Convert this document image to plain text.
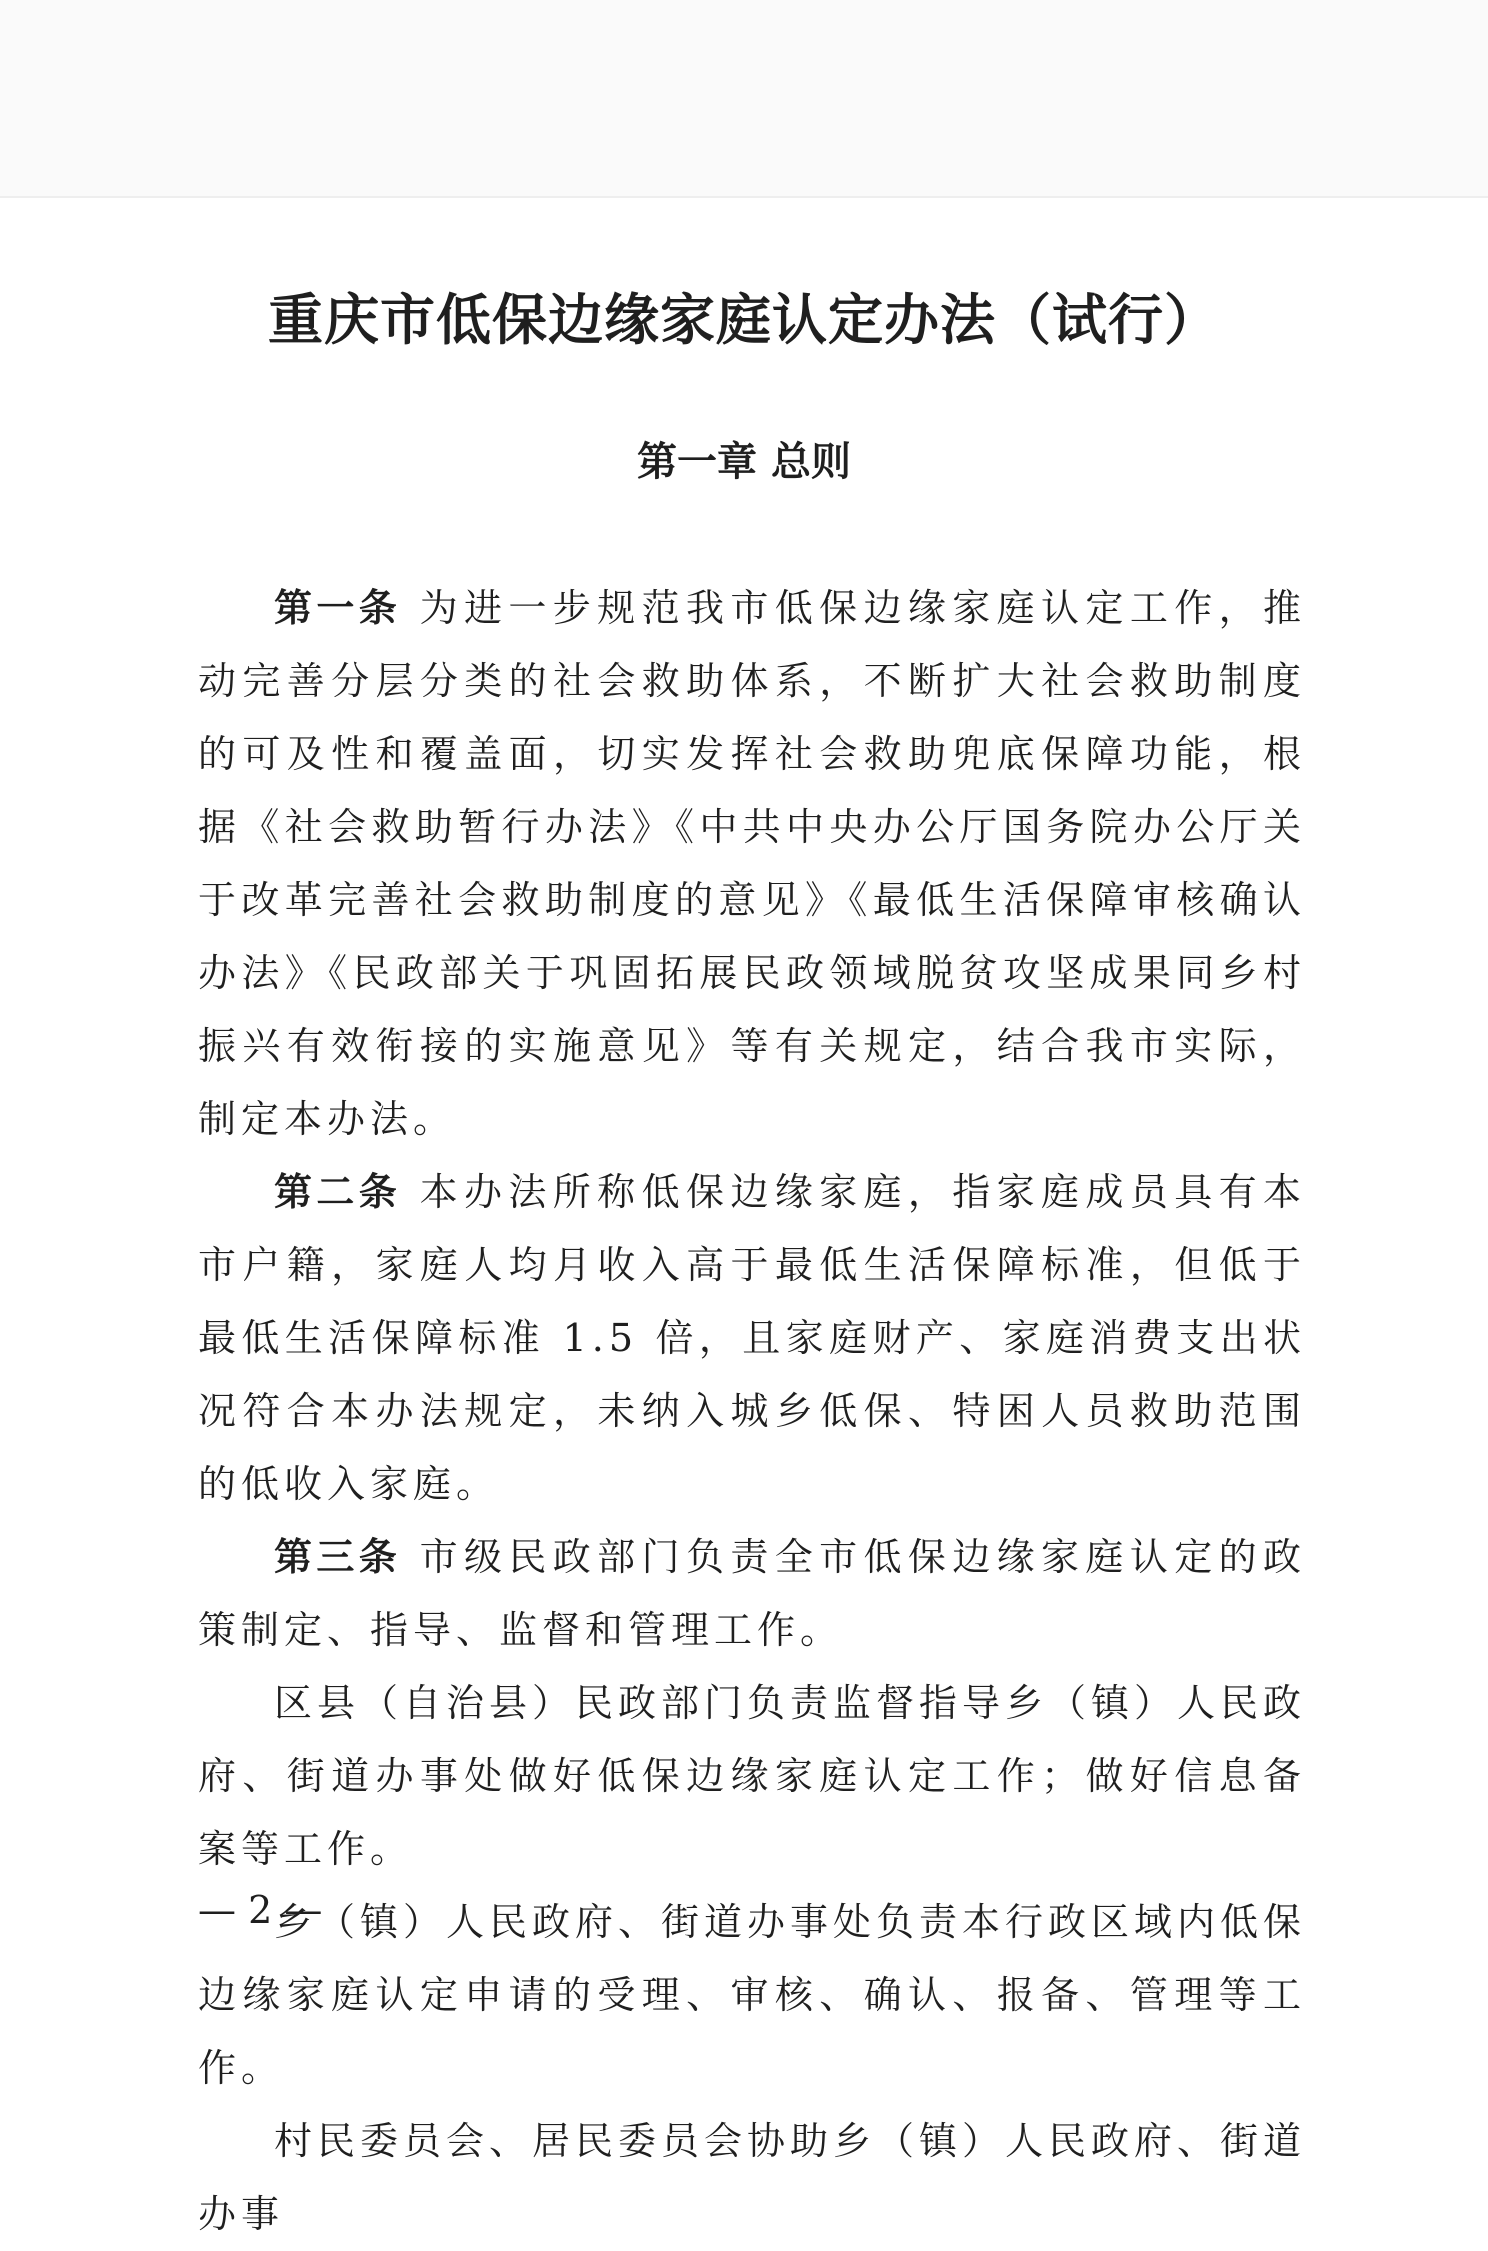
重庆市低保边缘家庭认定办法（试行）
第一章 总则

第一条 为进一步规范我市低保边缘家庭认定工作，推动完善分层分类的社会救助体系，不断扩大社会救助制度的可及性和覆盖面，切实发挥社会救助兜底保障功能，根据《社会救助暂行办法》《中共中央办公厅国务院办公厅关于改革完善社会救助制度的意见》《最低生活保障审核确认办法》《民政部关于巩固拓展民政领域脱贫攻坚成果同乡村振兴有效衔接的实施意见》等有关规定，结合我市实际，制定本办法。

第二条 本办法所称低保边缘家庭，指家庭成员具有本市户籍，家庭人均月收入高于最低生活保障标准，但低于最低生活保障标准 1.5 倍，且家庭财产、家庭消费支出状况符合本办法规定，未纳入城乡低保、特困人员救助范围的低收入家庭。

第三条 市级民政部门负责全市低保边缘家庭认定的政策制定、指导、监督和管理工作。

区县（自治县）民政部门负责监督指导乡（镇）人民政府、街道办事处做好低保边缘家庭认定工作；做好信息备案等工作。

乡（镇）人民政府、街道办事处负责本行政区域内低保边缘家庭认定申请的受理、审核、确认、报备、管理等工作。

村民委员会、居民委员会协助乡（镇）人民政府、街道办事

— 2 —
